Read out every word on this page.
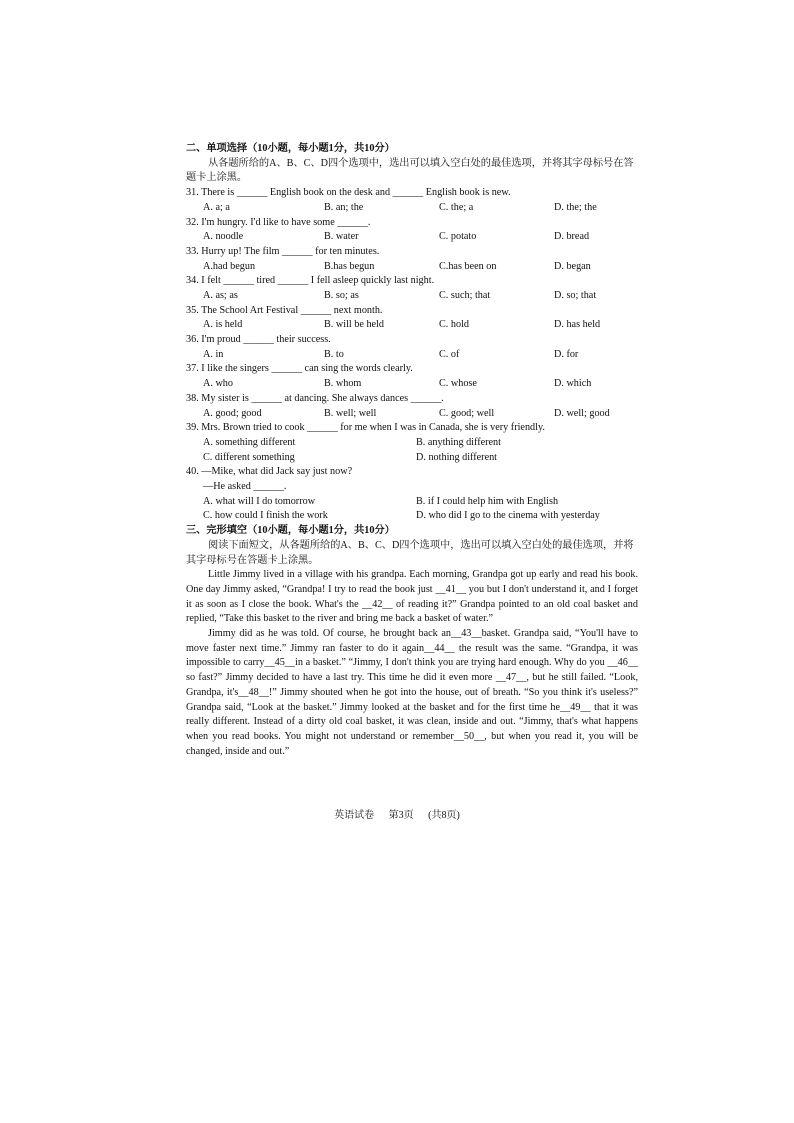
二、单项选择（10小题，每小题1分，共10分）
从各题所给的A、B、C、D四个选项中，选出可以填入空白处的最佳选项，并将其字母标号在答题卡上涂黑。
31. There is ______ English book on the desk and ______ English book is new.
A. a; a	B. an; the	C. the; a	D. the; the
32. I'm hungry. I'd like to have some ______.
A. noodle	B. water	C. potato	D. bread
33. Hurry up! The film ______ for ten minutes.
A.had begun	B.has begun	C.has been on	D. began
34. I felt ______ tired ______ I fell asleep quickly last night.
A. as; as	B. so; as	C. such; that	D. so; that
35. The School Art Festival ______ next month.
A. is held	B. will be held	C. hold	D. has held
36. I'm proud ______ their success.
A. in	B. to	C. of	D. for
37. I like the singers ______ can sing the words clearly.
A. who	B. whom	C. whose	D. which
38. My sister is ______ at dancing. She always dances ______.
A. good; good	B. well; well	C. good; well	D. well; good
39. Mrs. Brown tried to cook ______ for me when I was in Canada, she is very friendly.
A. something different	B. anything different
C. different something	D. nothing different
40. —Mike, what did Jack say just now?
—He asked ______.
A. what will I do tomorrow	B. if I could help him with English
C. how could I finish the work	D. who did I go to the cinema with yesterday
三、完形填空（10小题，每小题1分，共10分）
阅读下面短文，从各题所给的A、B、C、D四个选项中，选出可以填入空白处的最佳选项，并将其字母标号在答题卡上涂黑。

Little Jimmy lived in a village with his grandpa. Each morning, Grandpa got up early and read his book. One day Jimmy asked, “Grandpa! I try to read the book just __41__ you but I don't understand it, and I forget it as soon as I close the book. What's the __42__ of reading it?” Grandpa pointed to an old coal basket and replied, “Take this basket to the river and bring me back a basket of water.”

Jimmy did as he was told. Of course, he brought back an__43__basket. Grandpa said, “You'll have to move faster next time.” Jimmy ran faster to do it again__44__ the result was the same. “Grandpa, it was impossible to carry__45__in a basket.” “Jimmy, I don't think you are trying hard enough. Why do you __46__ so fast?” Jimmy decided to have a last try. This time he did it even more __47__, but he still failed. “Look, Grandpa, it's__48__!” Jimmy shouted when he got into the house, out of breath. “So you think it's useless?” Grandpa said, “Look at the basket.” Jimmy looked at the basket and for the first time he__49__ that it was really different. Instead of a dirty old coal basket, it was clean, inside and out. “Jimmy, that's what happens when you read books. You might not understand or remember__50__, but when you read it, you will be changed, inside and out.”

英语试卷 第3页 (共8页)
